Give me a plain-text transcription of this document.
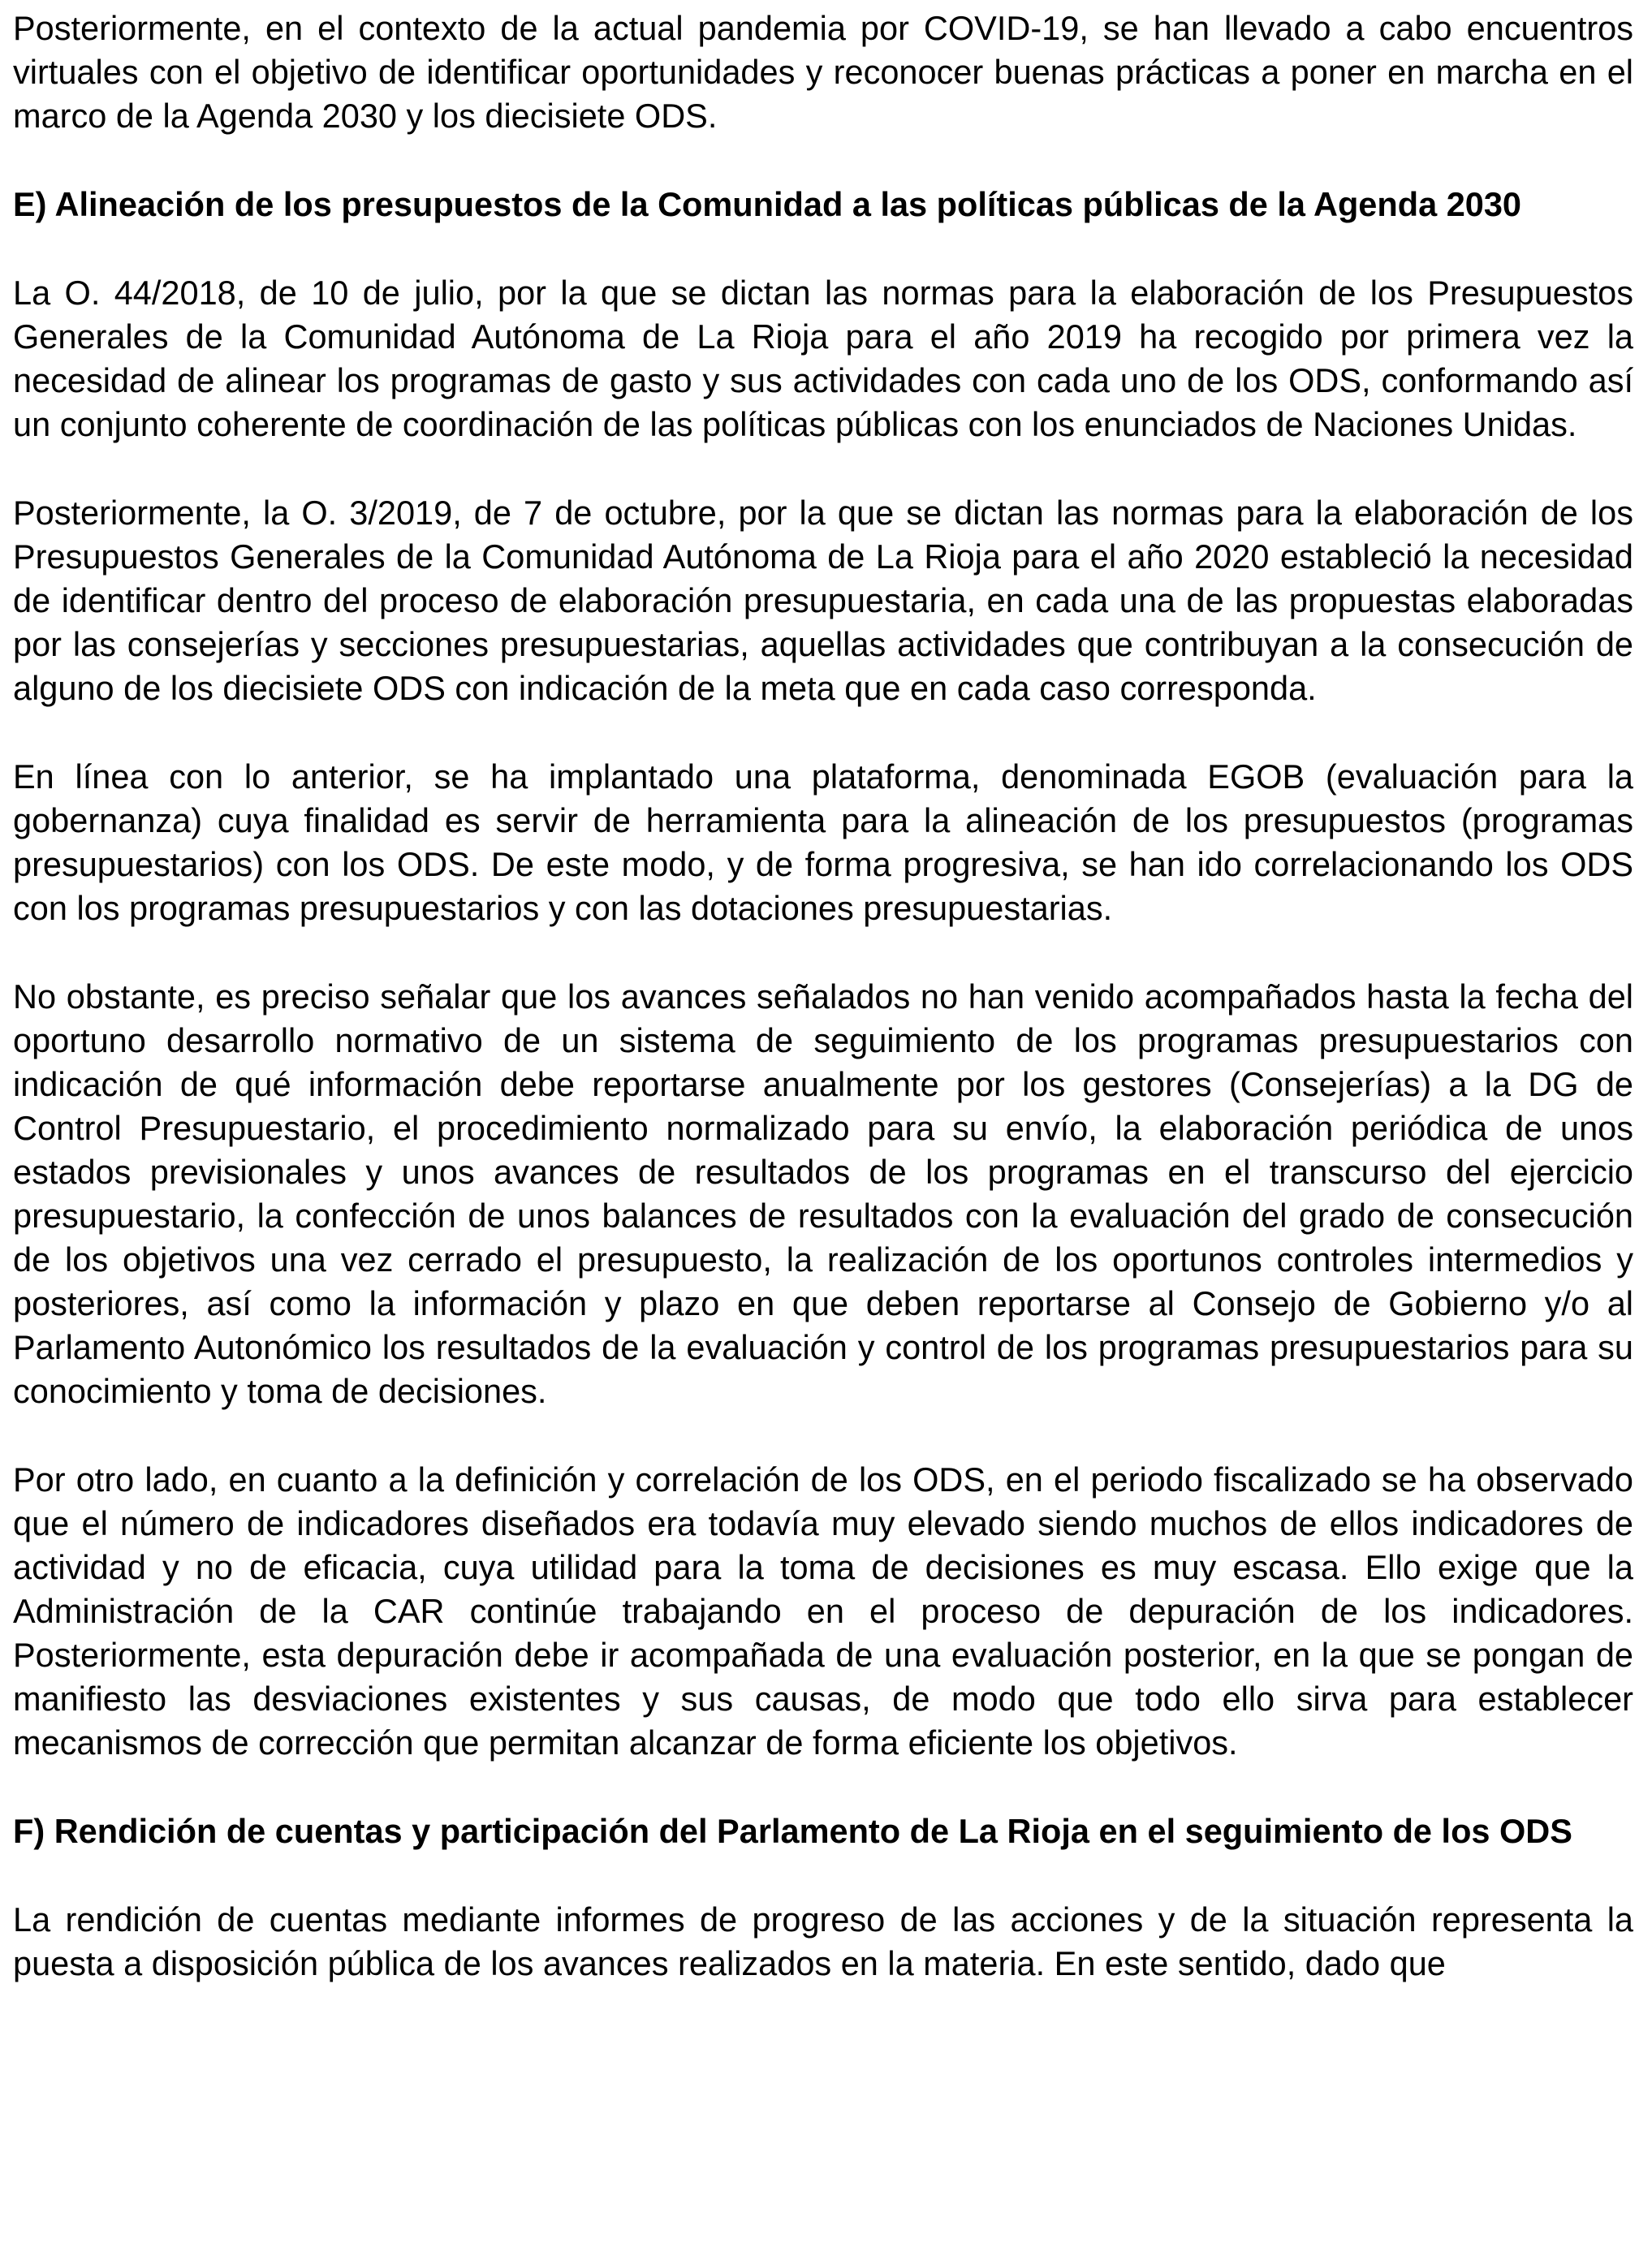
Posteriormente, en el contexto de la actual pandemia por COVID-19, se han llevado a cabo encuentros virtuales con el objetivo de identificar oportunidades y reconocer buenas prácticas a poner en marcha en el marco de la Agenda 2030 y los diecisiete ODS.

E) Alineación de los presupuestos de la Comunidad a las políticas públicas de la Agenda 2030

La O. 44/2018, de 10 de julio, por la que se dictan las normas para la elaboración de los Presupuestos Generales de la Comunidad Autónoma de La Rioja para el año 2019 ha recogido por primera vez la necesidad de alinear los programas de gasto y sus actividades con cada uno de los ODS, conformando así un conjunto coherente de coordinación de las políticas públicas con los enunciados de Naciones Unidas.

Posteriormente, la O. 3/2019, de 7 de octubre, por la que se dictan las normas para la elaboración de los Presupuestos Generales de la Comunidad Autónoma de La Rioja para el año 2020 estableció la necesidad de identificar dentro del proceso de elaboración presupuestaria, en cada una de las propuestas elaboradas por las consejerías y secciones presupuestarias, aquellas actividades que contribuyan a la consecución de alguno de los diecisiete ODS con indicación de la meta que en cada caso corresponda.

En línea con lo anterior, se ha implantado una plataforma, denominada EGOB (evaluación para la gobernanza) cuya finalidad es servir de herramienta para la alineación de los presupuestos (programas presupuestarios) con los ODS. De este modo, y de forma progresiva, se han ido correlacionando los ODS con los programas presupuestarios y con las dotaciones presupuestarias.

No obstante, es preciso señalar que los avances señalados no han venido acompañados hasta la fecha del oportuno desarrollo normativo de un sistema de seguimiento de los programas presupuestarios con indicación de qué información debe reportarse anualmente por los gestores (Consejerías) a la DG de Control Presupuestario, el procedimiento normalizado para su envío, la elaboración periódica de unos estados previsionales y unos avances de resultados de los programas en el transcurso del ejercicio presupuestario, la confección de unos balances de resultados con la evaluación del grado de consecución de los objetivos una vez cerrado el presupuesto, la realización de los oportunos controles intermedios y posteriores, así como la información y plazo en que deben reportarse al Consejo de Gobierno y/o al Parlamento Autonómico los resultados de la evaluación y control de los programas presupuestarios para su conocimiento y toma de decisiones.

Por otro lado, en cuanto a la definición y correlación de los ODS, en el periodo fiscalizado se ha observado que el número de indicadores diseñados era todavía muy elevado siendo muchos de ellos indicadores de actividad y no de eficacia, cuya utilidad para la toma de decisiones es muy escasa. Ello exige que la Administración de la CAR continúe trabajando en el proceso de depuración de los indicadores. Posteriormente, esta depuración debe ir acompañada de una evaluación posterior, en la que se pongan de manifiesto las desviaciones existentes y sus causas, de modo que todo ello sirva para establecer mecanismos de corrección que permitan alcanzar de forma eficiente los objetivos.

F) Rendición de cuentas y participación del Parlamento de La Rioja en el seguimiento de los ODS

La rendición de cuentas mediante informes de progreso de las acciones y de la situación representa la puesta a disposición pública de los avances realizados en la materia. En este sentido, dado que
